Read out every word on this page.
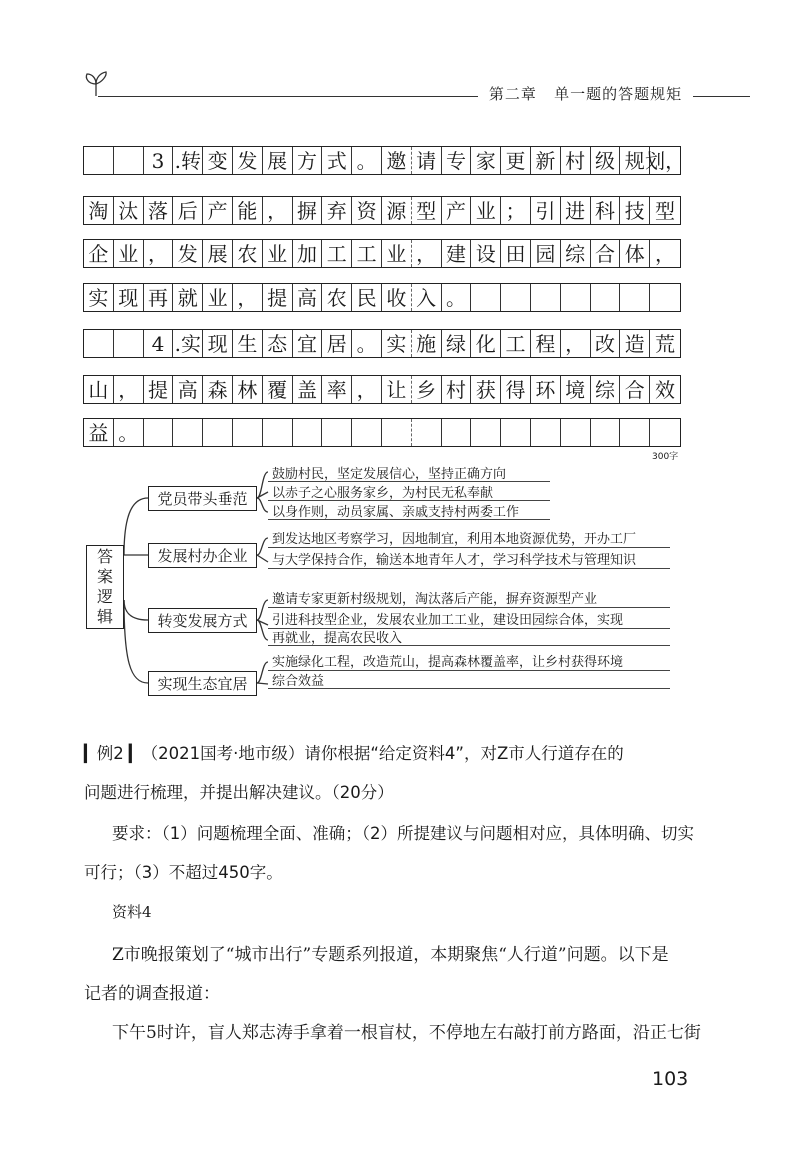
第二章 单一题的答题规矩
3 .转 变 发 展 方 式 。 邀 请 专 家 更 新 村 级 规 划，
淘 汰 落 后 产 能 ， 摒 弃 资 源 型 产 业 ； 引 进 科 技 型
企 业 ， 发 展 农 业 加 工 工 业 ， 建 设 田 园 综 合 体 ，
实 现 再 就 业 ， 提 高 农 民 收 入 。
4 .实 现 生 态 宜 居 。 实 施 绿 化 工 程 ， 改 造 荒
山 ， 提 高 森 林 覆 盖 率 ， 让 乡 村 获 得 环 境 综 合 效
益 。
300字
答
案
逻
辑
党员带头垂范
发展村办企业
转变发展方式
实现生态宜居
鼓励村民，坚定发展信心，坚持正确方向
以赤子之心服务家乡，为村民无私奉献
以身作则，动员家属、亲戚支持村两委工作
到发达地区考察学习，因地制宜，利用本地资源优势，开办工厂
与大学保持合作，输送本地青年人才，学习科学技术与管理知识
邀请专家更新村级规划，淘汰落后产能，摒弃资源型产业
引进科技型企业，发展农业加工工业，建设田园综合体，实现
再就业，提高农民收入
实施绿化工程，改造荒山，提高森林覆盖率，让乡村获得环境
综合效益
▎例2 ▎（2021国考·地市级）请你根据“给定资料4”，对Z市人行道存在的
问题进行梳理，并提出解决建议。（20分）
要求：（1）问题梳理全面、准确；（2）所提建议与问题相对应，具体明确、切实
可行；（3）不超过450字。
资料4
Z市晚报策划了“城市出行”专题系列报道，本期聚焦“人行道”问题。以下是
记者的调查报道：
下午5时许，盲人郑志涛手拿着一根盲杖，不停地左右敲打前方路面，沿正七街
103
